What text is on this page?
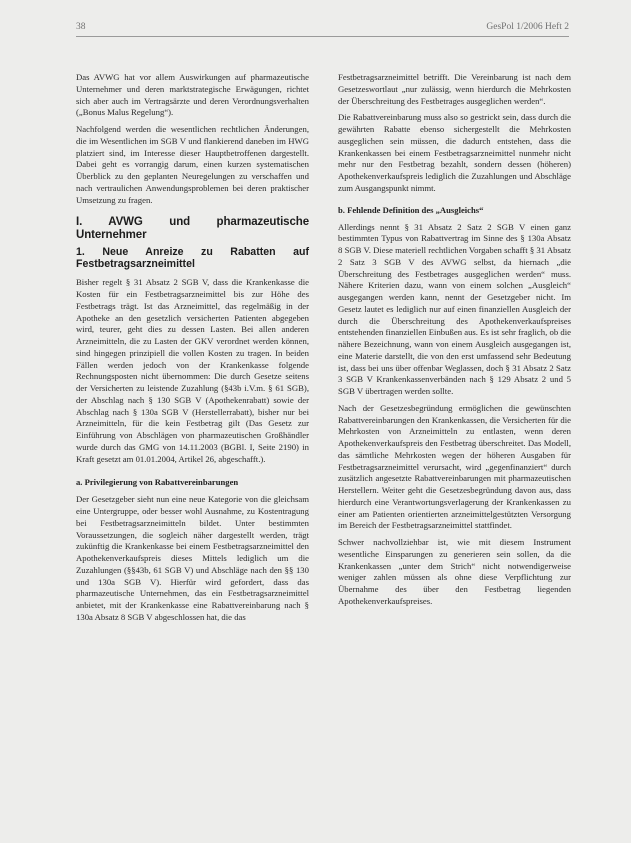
38	GesPol 1/2006 Heft 2

Das AVWG hat vor allem Auswirkungen auf pharmazeutische Unternehmer und deren marktstrategische Erwägungen, richtet sich aber auch im Vertragsärzte und deren Verordnungsverhalten („Bonus Malus Regelung“).

Nachfolgend werden die wesentlichen rechtlichen Änderungen, die im Wesentlichen im SGB V und flankierend daneben im HWG platziert sind, im Interesse dieser Hauptbetroffenen dargestellt. Dabei geht es vorrangig darum, einen kurzen systematischen Überblick zu den geplanten Neuregelungen zu verschaffen und nach vertraulichen Anwendungsproblemen bei deren praktischer Umsetzung zu fragen.

I. AVWG und pharmazeutische Unternehmer
1. Neue Anreize zu Rabatten auf Festbetragsarzneimittel

Bisher regelt § 31 Absatz 2 SGB V, dass die Krankenkasse die Kosten für ein Festbetragsarzneimittel bis zur Höhe des Festbetrags trägt. Ist das Arzneimittel, das regelmäßig in der Apotheke an den gesetzlich versicherten Patienten abgegeben wird, teurer, geht dies zu dessen Lasten. Bei allen anderen Arzneimitteln, die zu Lasten der GKV verordnet werden können, sind hingegen prinzipiell die vollen Kosten zu tragen. In beiden Fällen werden jedoch von der Krankenkasse folgende Rechnungsposten nicht übernommen: Die durch Gesetze seitens der Versicherten zu leistende Zuzahlung (§43b i.V.m. § 61 SGB), der Abschlag nach § 130 SGB V (Apothekenrabatt) sowie der Abschlag nach § 130a SGB V (Herstellerrabatt), bisher nur bei Arzneimitteln, für die kein Festbetrag gilt (Das Gesetz zur Einführung von Abschlägen von pharmazeutischen Großhändler wurde durch das GMG von 14.11.2003 (BGBl. I, Seite 2190) in Kraft gesetzt am 01.01.2004, Artikel 26, abgeschafft.).

a. Privilegierung von Rabattvereinbarungen

Der Gesetzgeber sieht nun eine neue Kategorie von die gleichsam eine Untergruppe, oder besser wohl Ausnahme, zu Kostentragung bei Festbetragsarzneimitteln bildet. Unter bestimmten Voraussetzungen, die sogleich näher dargestellt werden, trägt zukünftig die Krankenkasse bei einem Festbetragsarzneimittel den Apothekenverkaufspreis dieses Mittels lediglich um die Zuzahlungen (§§43b, 61 SGB V) und Abschläge nach den §§ 130 und 130a SGB V). Hierfür wird gefordert, dass das pharmazeutische Unternehmen, das ein Festbetragsarzneimittel anbietet, mit der Krankenkasse eine Rabattvereinbarung nach § 130a Absatz 8 SGB V abgeschlossen hat, die das

Festbetragsarzneimittel betrifft. Die Vereinbarung ist nach dem Gesetzeswortlaut „nur zulässig, wenn hierdurch die Mehrkosten der Überschreitung des Festbetrages ausgeglichen werden“.

Die Rabattvereinbarung muss also so gestrickt sein, dass durch die gewährten Rabatte ebenso sichergestellt die Mehrkosten ausgeglichen sein müssen, die dadurch entstehen, dass die Krankenkassen bei einem Festbetragsarzneimittel nunmehr nicht mehr nur den Festbetrag bezahlt, sondern dessen (höheren) Apothekenverkaufspreis lediglich die Zuzahlungen und Abschläge zum Ausgangspunkt nimmt.

b. Fehlende Definition des „Ausgleichs“

Allerdings nennt § 31 Absatz 2 Satz 2 SGB V einen ganz bestimmten Typus von Rabattvertrag im Sinne des § 130a Absatz 8 SGB V. Diese materiell rechtlichen Vorgaben schafft § 31 Absatz 2 Satz 3 SGB V des AVWG selbst, da hiernach „die Überschreitung des Festbetrages ausgeglichen werden“ muss. Nähere Kriterien dazu, wann von einem solchen „Ausgleich“ ausgegangen werden kann, nennt der Gesetzgeber nicht. Im Gesetz lautet es lediglich nur auf einen finanziellen Ausgleich der durch die Überschreitung des Apothekenverkaufspreises entstehenden finanziellen Einbußen aus. Es ist sehr fraglich, ob die nähere Bezeichnung, wann von einem Ausgleich ausgegangen ist, eine Materie darstellt, die von den erst umfassend sehr Bedeutung ist, dass bei uns über offenbar Weglassen, doch § 31 Absatz 2 Satz 3 SGB V Krankenkassenverbänden nach § 129 Absatz 2 und 5 SGB V übertragen werden sollte.

Nach der Gesetzesbegründung ermöglichen die gewünschten Rabattvereinbarungen den Krankenkassen, die Versicherten für die Mehrkosten von Arzneimitteln zu entlasten, wenn deren Apothekenverkaufspreis den Festbetrag überschreitet. Das Modell, das sämtliche Mehrkosten wegen der höheren Ausgaben für Festbetragsarzneimittel verursacht, wird „gegenfinanziert“ durch zusätzlich angesetzte Rabattvereinbarungen mit pharmazeutischen Herstellern. Weiter geht die Gesetzesbegründung davon aus, dass hierdurch eine Verantwortungsverlagerung der Krankenkassen zu einer am Patienten orientierten arzneimittelgestützten Versorgung im Bereich der Festbetragsarzneimittel stattfindet.

Schwer nachvollziehbar ist, wie mit diesem Instrument wesentliche Einsparungen zu generieren sein sollen, da die Krankenkassen „unter dem Strich“ nicht notwendigerweise weniger zahlen müssen als ohne diese Verpflichtung zur Übernahme des über den Festbetrag liegenden Apothekenverkaufspreises.
